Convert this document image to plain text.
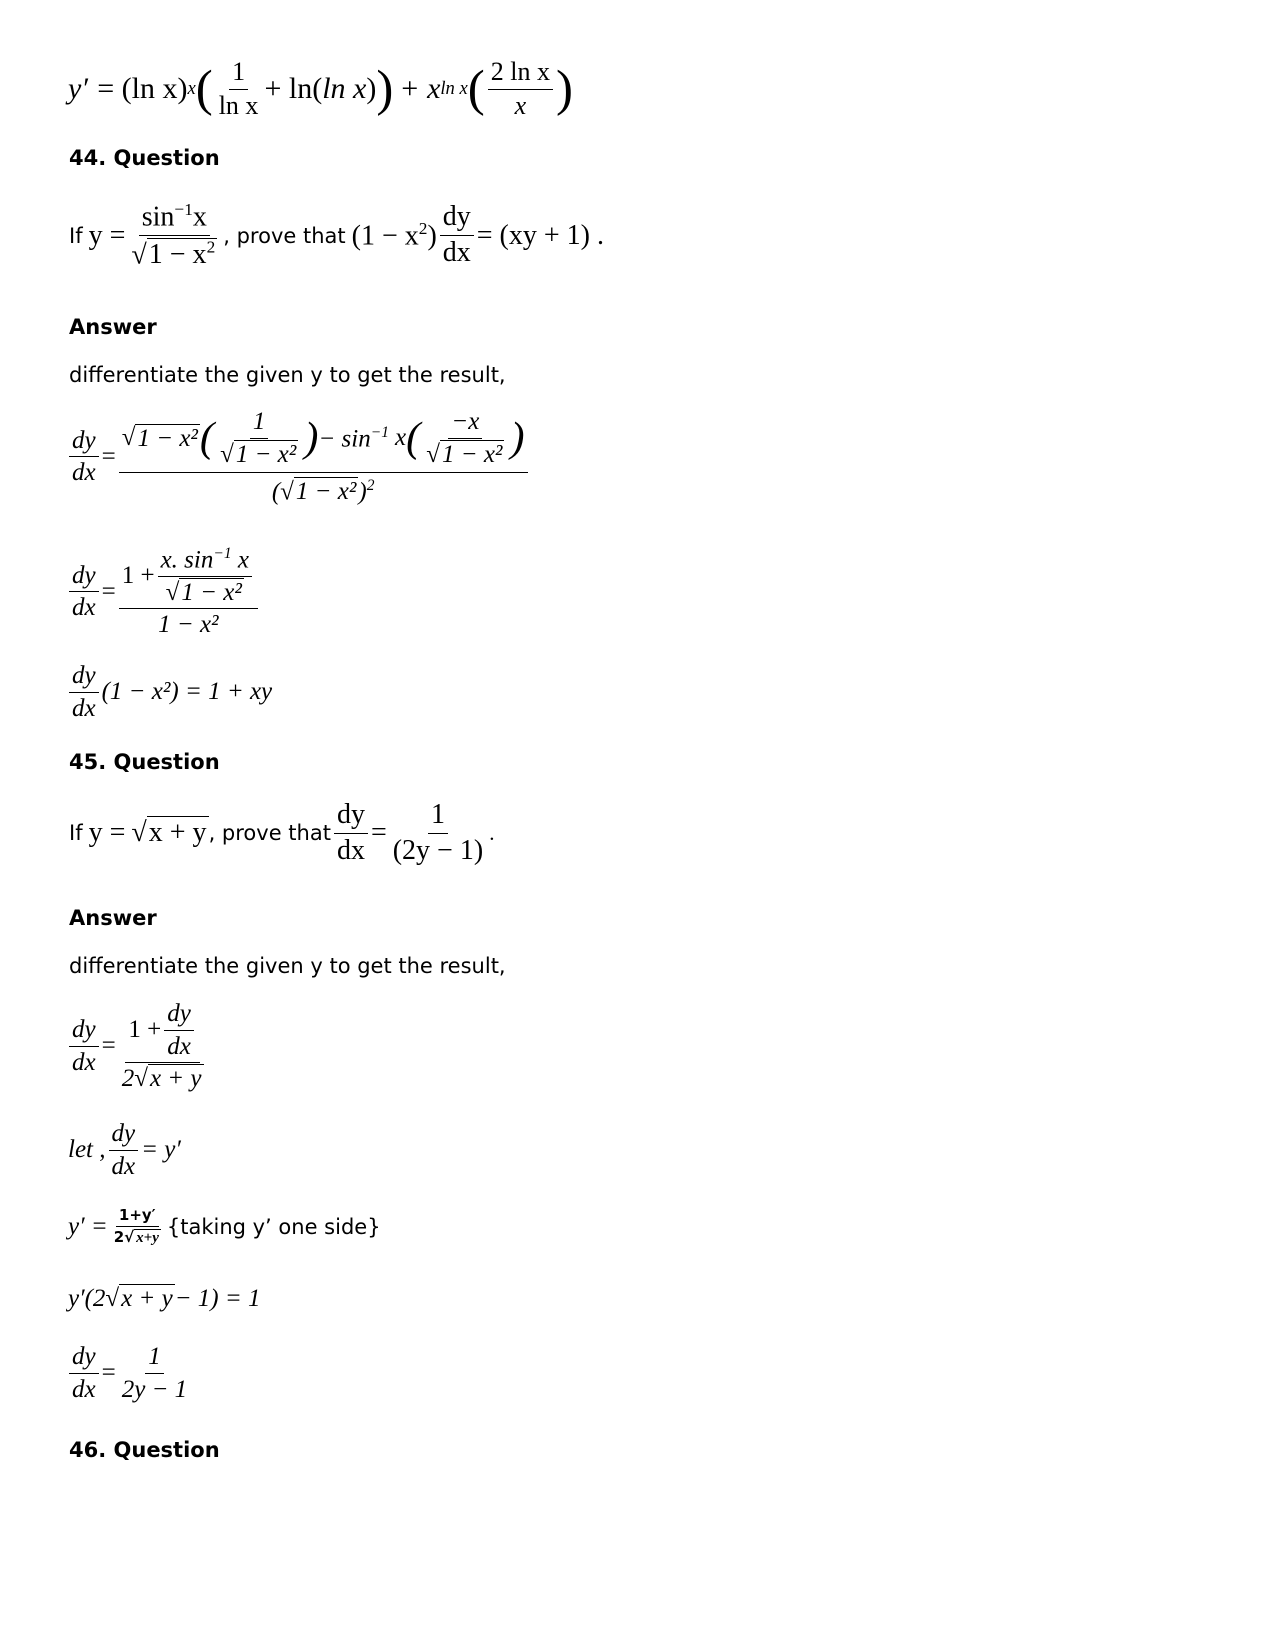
y′ = (ln x) x ( $\frac{1}{\text{ln x}} + \ln$( ln x ) ) + x ln x ( $\frac{\text{2 ln x}}{x}$ )
44. Question
If $y = \frac{\sin^{-1}x}{√1 - x^2}$ , prove that $(1 - x^2) \frac{dy}{dx} = (xy + 1)$ .
Answer
differentiate the given y to get the result,
$\frac{dy}{dx}$ =
√ 1 − x² ( $\frac{1}{\text{√1 − x²}}$ ) − $\sin^{-1} x$ ( $\frac{-x}{\text{√1 − x²}}$ )
$(√1 - x^2)^2$
$\frac{dy}{dx} = \frac{1 + \frac{x. \sin^{-1} x}{\text{√1 − x²}}}{\text{1 − x²}}$
$\frac{dy}{dx} (1 - x^2) = 1$ + xy
45. Question
If y = √x + y , prove that $\frac{dy}{dx} = \frac{1}{(2y - 1)}$ .
Answer
differentiate the given y to get the result,
$\frac{dy}{dx} = \frac{1 + \frac{dy}{dx}}{2√x + y}$
let , $\frac{dy}{dx} = y'$
$y' = \frac{1+y'}{2√ x+y}$ {taking y’ one side}
y′(2 √ x + y − 1) = 1
$\frac{dy}{dx} = \frac{1}{2y - 1}$
46. Question
